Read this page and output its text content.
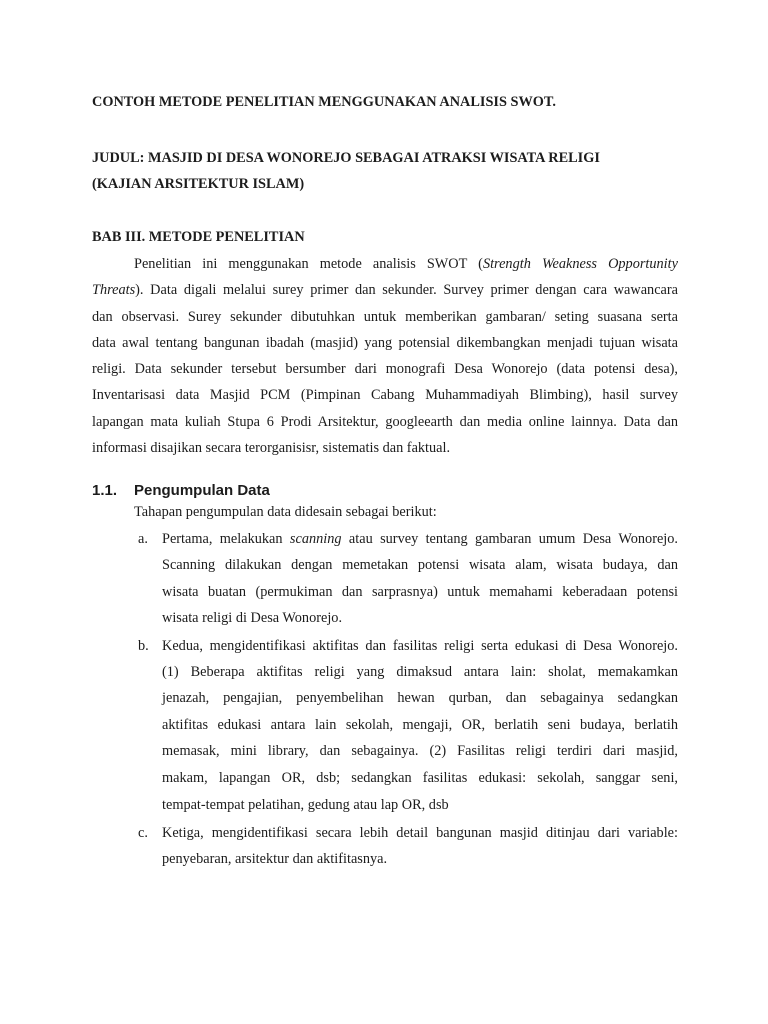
CONTOH METODE PENELITIAN MENGGUNAKAN ANALISIS SWOT.
JUDUL: MASJID DI DESA WONOREJO SEBAGAI ATRAKSI WISATA RELIGI
(KAJIAN ARSITEKTUR ISLAM)
BAB III. METODE PENELITIAN
Penelitian ini menggunakan metode analisis SWOT (Strength Weakness Opportunity
Threats). Data digali melalui surey primer dan sekunder. Survey primer dengan cara wawancara
dan observasi. Surey sekunder dibutuhkan untuk memberikan gambaran/ seting suasana serta
data awal tentang bangunan ibadah (masjid) yang potensial dikembangkan menjadi tujuan wisata
religi. Data sekunder tersebut bersumber dari monografi Desa Wonorejo (data potensi desa),
Inventarisasi data Masjid PCM (Pimpinan Cabang Muhammadiyah Blimbing), hasil survey
lapangan mata kuliah Stupa 6 Prodi Arsitektur, googleearth dan media online lainnya. Data dan
informasi disajikan secara terorganisisr, sistematis dan faktual.
1.1. Pengumpulan Data
Tahapan pengumpulan data didesain sebagai berikut:
a. Pertama, melakukan scanning atau survey tentang gambaran umum Desa Wonorejo.
Scanning dilakukan dengan memetakan potensi wisata alam, wisata budaya, dan
wisata buatan (permukiman dan sarprasnya) untuk memahami keberadaan potensi
wisata religi di Desa Wonorejo.
b. Kedua, mengidentifikasi aktifitas dan fasilitas religi serta edukasi di Desa Wonorejo.
(1) Beberapa aktifitas religi yang dimaksud antara lain: sholat, memakamkan
jenazah, pengajian, penyembelihan hewan qurban, dan sebagainya sedangkan
aktifitas edukasi antara lain sekolah, mengaji, OR, berlatih seni budaya, berlatih
memasak, mini library, dan sebagainya. (2) Fasilitas religi terdiri dari masjid,
makam, lapangan OR, dsb; sedangkan fasilitas edukasi: sekolah, sanggar seni,
tempat-tempat pelatihan, gedung atau lap OR, dsb
c. Ketiga, mengidentifikasi secara lebih detail bangunan masjid ditinjau dari variable:
penyebaran, arsitektur dan aktifitasnya.
